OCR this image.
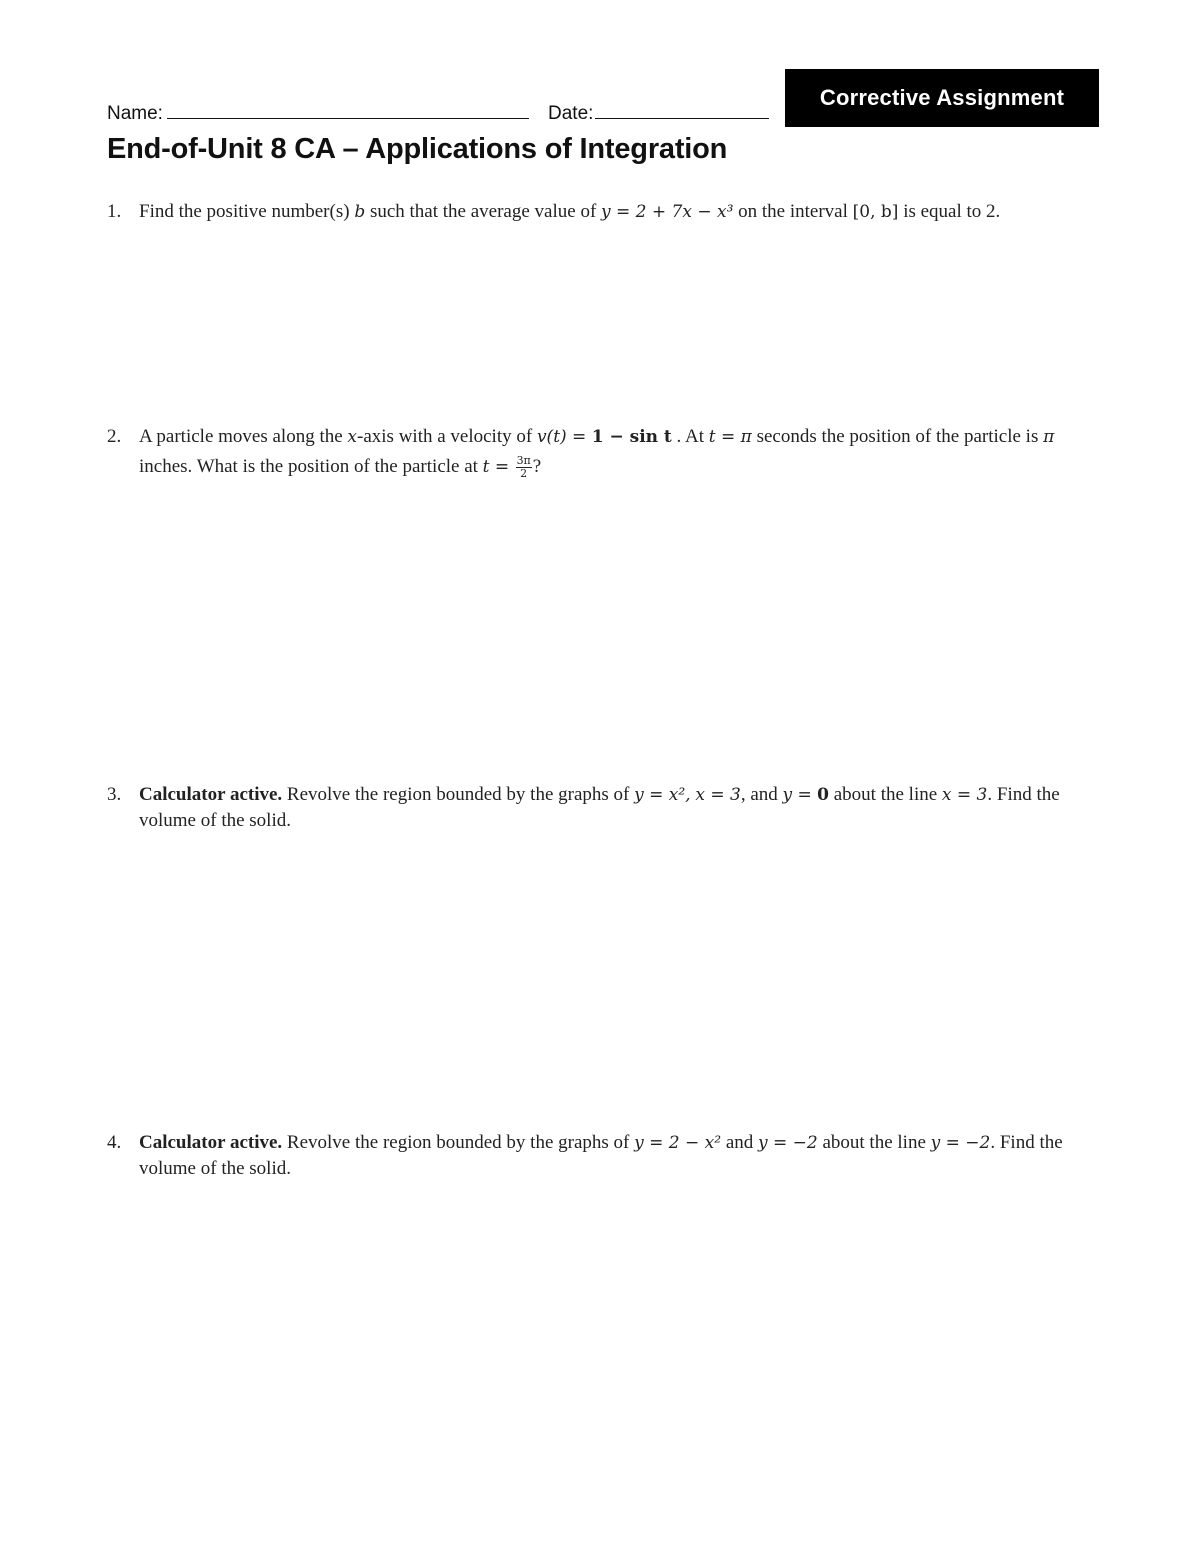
Name:	Date:
Corrective Assignment
End-of-Unit 8 CA – Applications of Integration
1. Find the positive number(s) b such that the average value of y = 2 + 7x − x³ on the interval [0, b] is equal to 2.
2. A particle moves along the x-axis with a velocity of v(t) = 1 − sin t . At t = π seconds the position of the particle is π inches. What is the position of the particle at $t = \frac{3\pi}{2}$ ?
3. Calculator active. Revolve the region bounded by the graphs of y = x², x = 3, and y = 0 about the line x = 3. Find the volume of the solid.
4. Calculator active. Revolve the region bounded by the graphs of y = 2 − x² and y = −2 about the line y = −2. Find the volume of the solid.
